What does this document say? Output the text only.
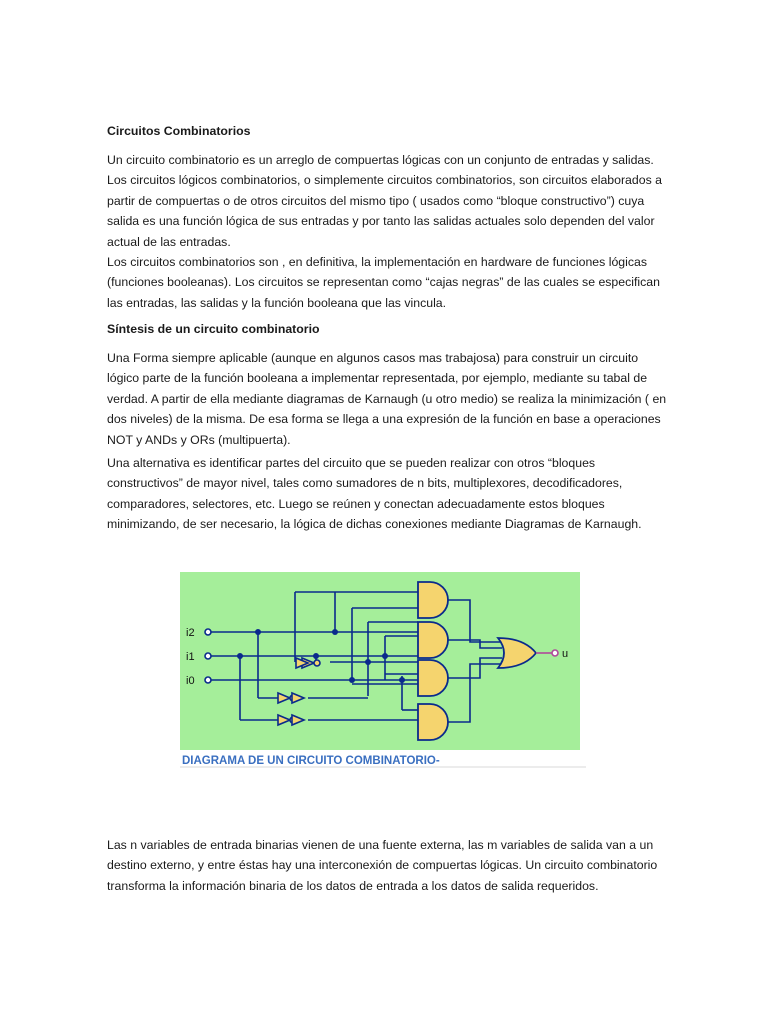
Circuitos Combinatorios

Un circuito combinatorio es un arreglo de compuertas lógicas con un conjunto de entradas y salidas. Los circuitos lógicos combinatorios, o simplemente circuitos combinatorios, son circuitos elaborados a partir de compuertas o de otros circuitos del mismo tipo ( usados como “bloque constructivo”) cuya salida es una función lógica de sus entradas y por tanto las salidas actuales solo dependen del valor actual de las entradas.

Los circuitos combinatorios son , en definitiva, la implementación en hardware de funciones lógicas (funciones booleanas). Los circuitos se representan como “cajas negras” de las cuales se especifican las entradas, las salidas y la función booleana que las vincula.

Síntesis de un circuito combinatorio

Una Forma siempre aplicable (aunque en algunos casos mas trabajosa) para construir un circuito lógico parte de la función booleana a implementar representada, por ejemplo, mediante su tabal de verdad. A partir de ella mediante diagramas de Karnaugh (u otro medio) se realiza la minimización ( en dos niveles) de la misma. De esa forma se llega a una expresión de la función en base a operaciones NOT y ANDs y ORs (multipuerta).

Una alternativa es identificar partes del circuito que se pueden realizar con otros “bloques constructivos” de mayor nivel, tales como sumadores de n bits, multiplexores, decodificadores, comparadores, selectores, etc. Luego se reúnen y conectan adecuadamente estos bloques minimizando, de ser necesario, la lógica de dichas conexiones mediante Diagramas de Karnaugh.

i2
i1
i0
u
DIAGRAMA DE UN CIRCUITO COMBINATORIO-

Las n variables de entrada binarias vienen de una fuente externa, las m variables de salida van a un destino externo, y entre éstas hay una interconexión de compuertas lógicas. Un circuito combinatorio transforma la información binaria de los datos de entrada a los datos de salida requeridos.
